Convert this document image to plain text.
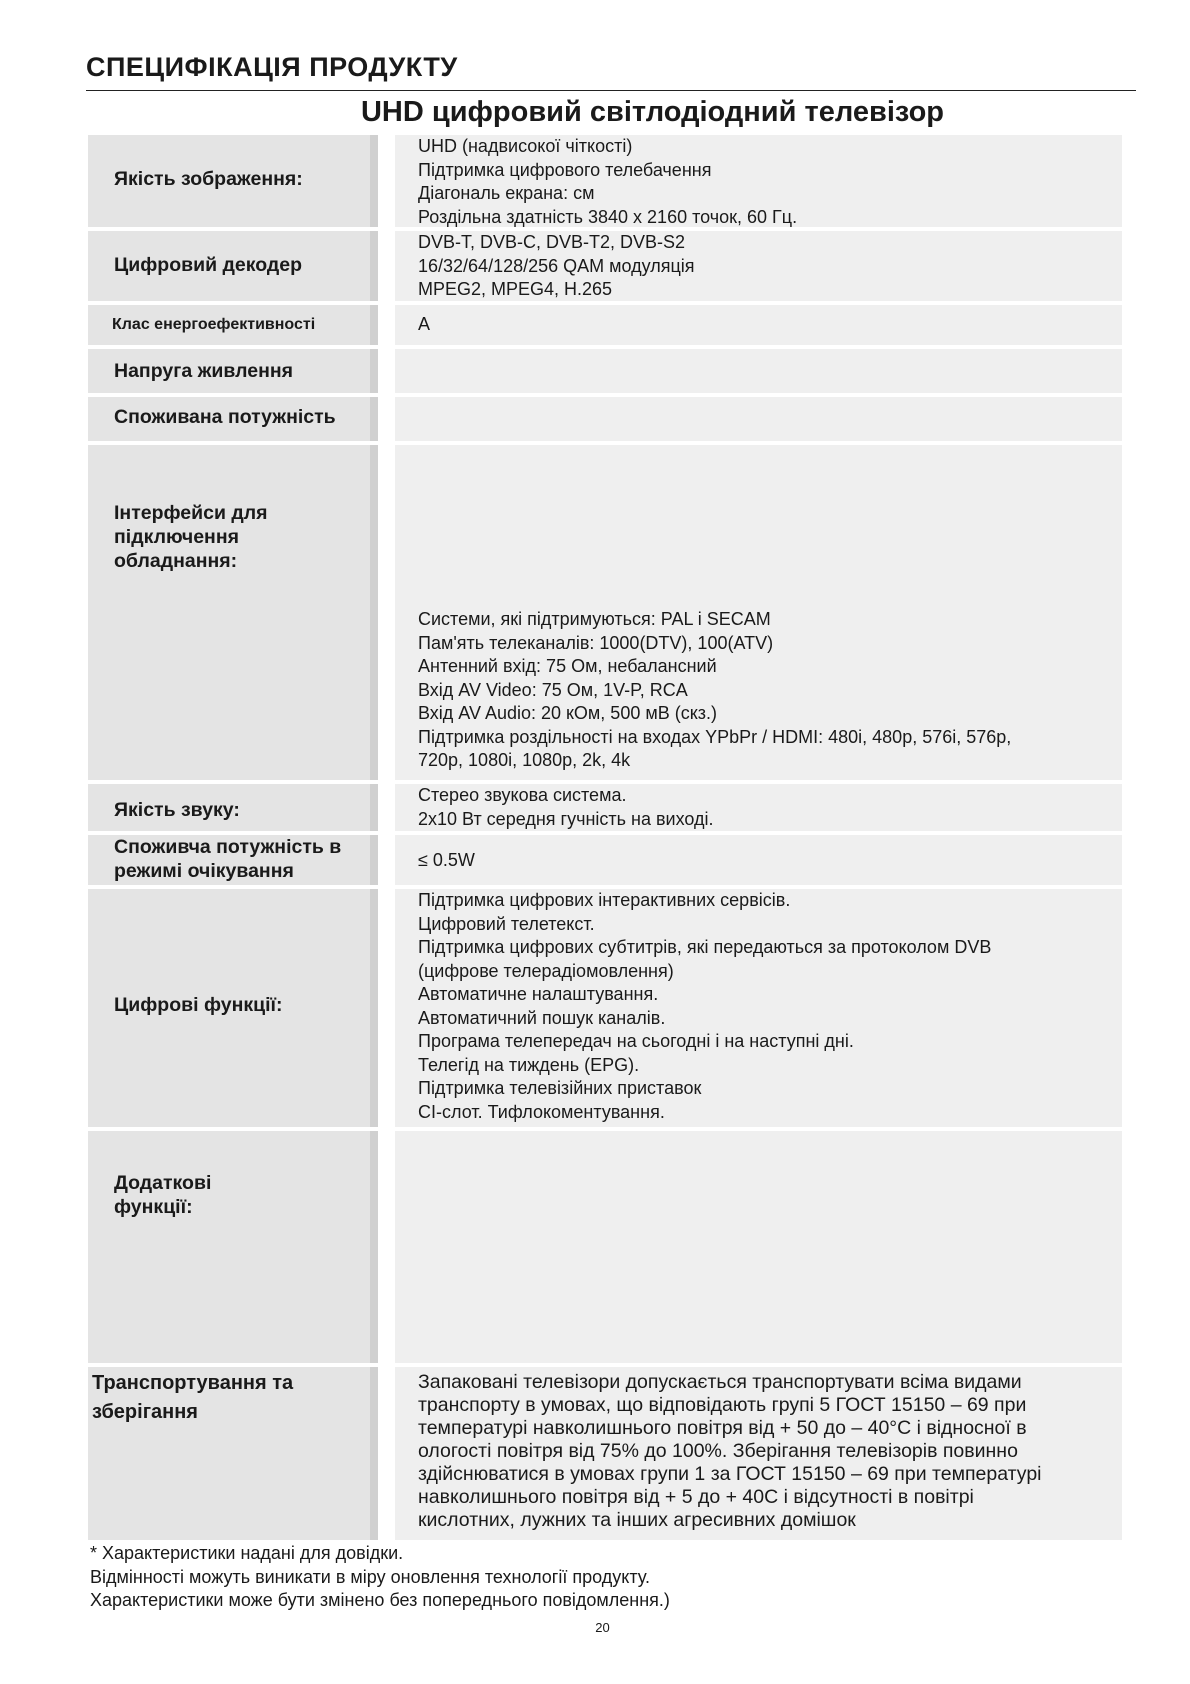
СПЕЦИФІКАЦІЯ ПРОДУКТУ
UHD цифровий світлодіодний телевізор
Якість зображення:
UHD (надвисокої чіткості)
Підтримка цифрового телебачення
Діагональ екрана: см
Роздільна здатність 3840 x 2160 точок, 60 Гц.
Цифровий декодер
DVB-T, DVB-C, DVB-T2, DVB-S2
16/32/64/128/256 QAM модуляція
MPEG2, MPEG4, H.265
Клас енергоефективності	A
Напруга живлення
Споживана потужність
Інтерфейси для
підключення
обладнання:
Системи, які підтримуються: PAL і SECAM
Пам'ять телеканалів: 1000(DTV), 100(ATV)
Антенний вхід: 75 Ом, небалансний
Вхід AV Video: 75 Ом, 1V-P, RCA
Вхід AV Audio: 20 кОм, 500 мВ (скз.)
Підтримка роздільності на входах YPbPr / HDMI: 480i, 480p, 576i, 576p,
720p, 1080i, 1080p, 2k, 4k
Якість звуку:
Стерео звукова система.
2х10 Вт середня гучність на виході.
Споживча потужність в
режимі очікування	≤ 0.5W
Цифрові функції:
Підтримка цифрових інтерактивних сервісів.
Цифровий телетекст.
Підтримка цифрових субтитрів, які передаються за протоколом DVB
(цифрове телерадіомовлення)
Автоматичне налаштування.
Автоматичний пошук каналів.
Програма телепередач на сьогодні і на наступні дні.
Телегід на тиждень (EPG).
Підтримка телевізійних приставок
CI-слот. Тифлокоментування.
Додаткові
функції:
Транспортування та
зберігання
Запаковані телевізори допускається транспортувати всіма видами
транспорту в умовах, що відповідають групі 5 ГОСТ 15150 – 69 при
температурі навколишнього повітря від + 50 до – 40°С і відносної в
ологості повітря від 75% до 100%. Зберігання телевізорів повинно
здійснюватися в умовах групи 1 за ГОСТ 15150 – 69 при температурі
навколишнього повітря від + 5 до + 40С і відсутності в повітрі
кислотних, лужних та інших агресивних домішок
* Характеристики надані для довідки.
Відмінності можуть виникати в міру оновлення технології продукту.
Характеристики може бути змінено без попереднього повідомлення.)
20
